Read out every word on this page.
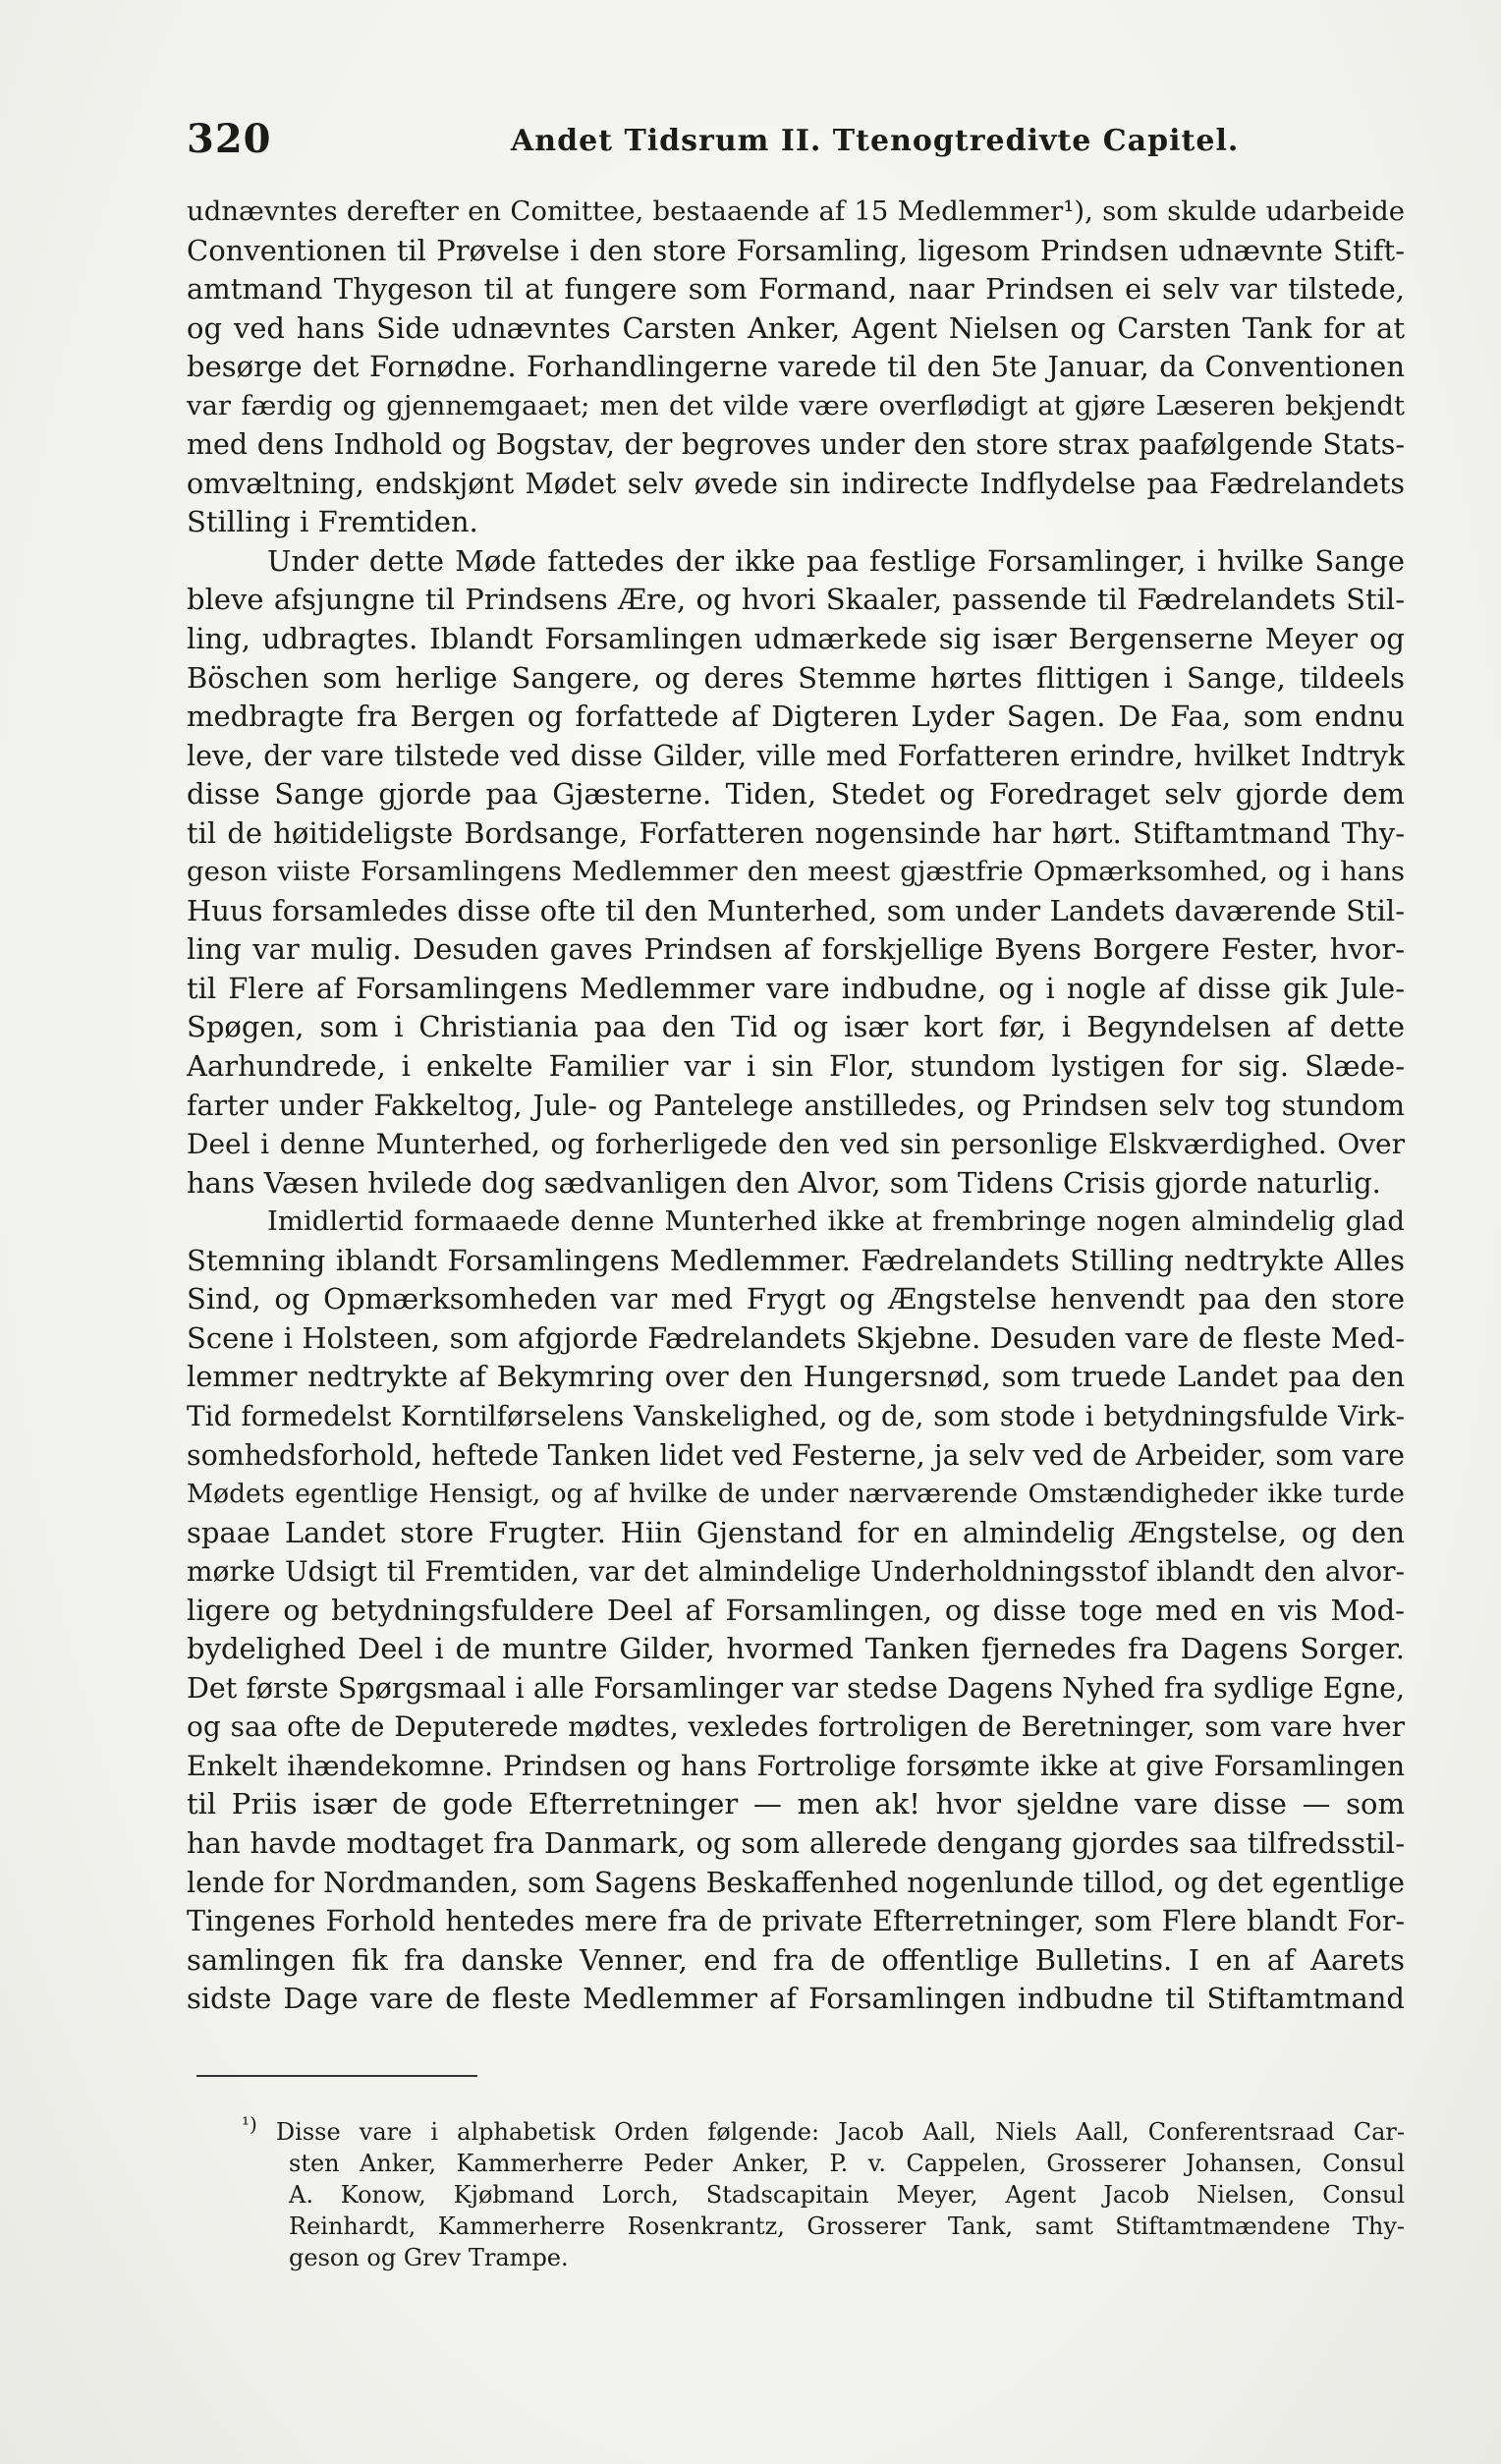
320	Andet Tidsrum II. Ttenogtredivte Capitel.
udnævntes derefter en Comittee, bestaaende af 15 Medlemmer¹), som skulde udarbeide
Conventionen til Prøvelse i den store Forsamling, ligesom Prindsen udnævnte Stift-
amtmand Thygeson til at fungere som Formand, naar Prindsen ei selv var tilstede,
og ved hans Side udnævntes Carsten Anker, Agent Nielsen og Carsten Tank for at
besørge det Fornødne. Forhandlingerne varede til den 5te Januar, da Conventionen
var færdig og gjennemgaaet; men det vilde være overflødigt at gjøre Læseren bekjendt
med dens Indhold og Bogstav, der begroves under den store strax paafølgende Stats-
omvæltning, endskjønt Mødet selv øvede sin indirecte Indflydelse paa Fædrelandets
Stilling i Fremtiden.
Under dette Møde fattedes der ikke paa festlige Forsamlinger, i hvilke Sange
bleve afsjungne til Prindsens Ære, og hvori Skaaler, passende til Fædrelandets Stil-
ling, udbragtes. Iblandt Forsamlingen udmærkede sig især Bergenserne Meyer og
Böschen som herlige Sangere, og deres Stemme hørtes flittigen i Sange, tildeels
medbragte fra Bergen og forfattede af Digteren Lyder Sagen. De Faa, som endnu
leve, der vare tilstede ved disse Gilder, ville med Forfatteren erindre, hvilket Indtryk
disse Sange gjorde paa Gjæsterne. Tiden, Stedet og Foredraget selv gjorde dem
til de høitideligste Bordsange, Forfatteren nogensinde har hørt. Stiftamtmand Thy-
geson viiste Forsamlingens Medlemmer den meest gjæstfrie Opmærksomhed, og i hans
Huus forsamledes disse ofte til den Munterhed, som under Landets daværende Stil-
ling var mulig. Desuden gaves Prindsen af forskjellige Byens Borgere Fester, hvor-
til Flere af Forsamlingens Medlemmer vare indbudne, og i nogle af disse gik Jule-
Spøgen, som i Christiania paa den Tid og især kort før, i Begyndelsen af dette
Aarhundrede, i enkelte Familier var i sin Flor, stundom lystigen for sig. Slæde-
farter under Fakkeltog, Jule- og Pantelege anstilledes, og Prindsen selv tog stundom
Deel i denne Munterhed, og forherligede den ved sin personlige Elskværdighed. Over
hans Væsen hvilede dog sædvanligen den Alvor, som Tidens Crisis gjorde naturlig.
Imidlertid formaaede denne Munterhed ikke at frembringe nogen almindelig glad
Stemning iblandt Forsamlingens Medlemmer. Fædrelandets Stilling nedtrykte Alles
Sind, og Opmærksomheden var med Frygt og Ængstelse henvendt paa den store
Scene i Holsteen, som afgjorde Fædrelandets Skjebne. Desuden vare de fleste Med-
lemmer nedtrykte af Bekymring over den Hungersnød, som truede Landet paa den
Tid formedelst Korntilførselens Vanskelighed, og de, som stode i betydningsfulde Virk-
somhedsforhold, heftede Tanken lidet ved Festerne, ja selv ved de Arbeider, som vare
Mødets egentlige Hensigt, og af hvilke de under nærværende Omstændigheder ikke turde
spaae Landet store Frugter. Hiin Gjenstand for en almindelig Ængstelse, og den
mørke Udsigt til Fremtiden, var det almindelige Underholdningsstof iblandt den alvor-
ligere og betydningsfuldere Deel af Forsamlingen, og disse toge med en vis Mod-
bydelighed Deel i de muntre Gilder, hvormed Tanken fjernedes fra Dagens Sorger.
Det første Spørgsmaal i alle Forsamlinger var stedse Dagens Nyhed fra sydlige Egne,
og saa ofte de Deputerede mødtes, vexledes fortroligen de Beretninger, som vare hver
Enkelt ihændekomne. Prindsen og hans Fortrolige forsømte ikke at give Forsamlingen
til Priis især de gode Efterretninger — men ak! hvor sjeldne vare disse — som
han havde modtaget fra Danmark, og som allerede dengang gjordes saa tilfredsstil-
lende for Nordmanden, som Sagens Beskaffenhed nogenlunde tillod, og det egentlige
Tingenes Forhold hentedes mere fra de private Efterretninger, som Flere blandt For-
samlingen fik fra danske Venner, end fra de offentlige Bulletins. I en af Aarets
sidste Dage vare de fleste Medlemmer af Forsamlingen indbudne til Stiftamtmand
$^{^1)}$ Disse vare i alphabetisk Orden følgende: Jacob Aall, Niels Aall, Conferentsraad Car-
sten Anker, Kammerherre Peder Anker, P. v. Cappelen, Grosserer Johansen, Consul
A. Konow, Kjøbmand Lorch, Stadscapitain Meyer, Agent Jacob Nielsen, Consul
Reinhardt, Kammerherre Rosenkrantz, Grosserer Tank, samt Stiftamtmændene Thy-
geson og Grev Trampe.
